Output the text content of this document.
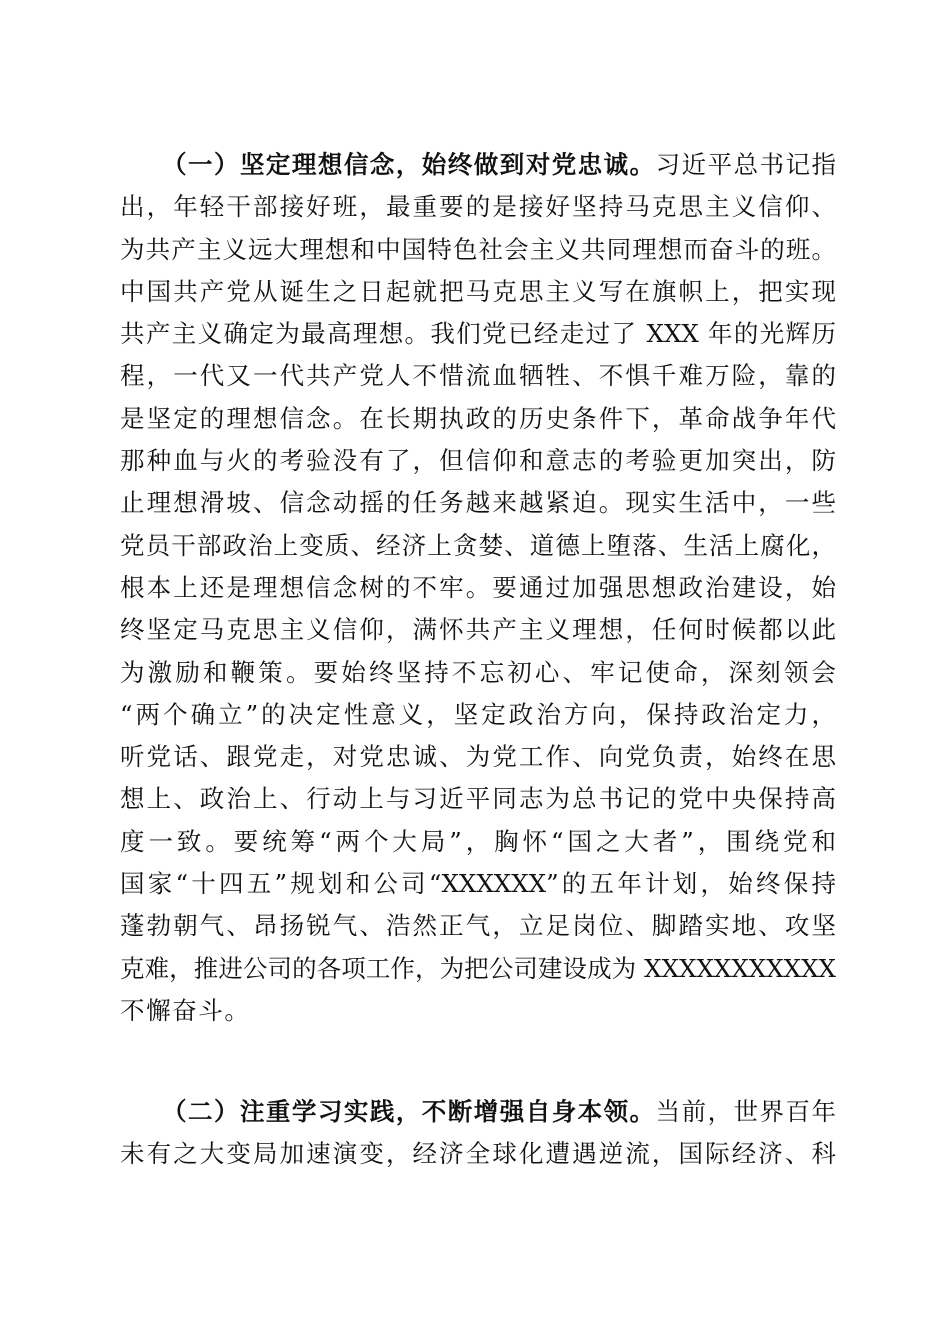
（一）坚定理想信念，始终做到对党忠诚。习近平总书记指
出，年轻干部接好班，最重要的是接好坚持马克思主义信仰、
为共产主义远大理想和中国特色社会主义共同理想而奋斗的班。
中国共产党从诞生之日起就把马克思主义写在旗帜上，把实现
共产主义确定为最高理想。我们党已经走过了 XXX 年的光辉历
程，一代又一代共产党人不惜流血牺牲、不惧千难万险，靠的
是坚定的理想信念。在长期执政的历史条件下，革命战争年代
那种血与火的考验没有了，但信仰和意志的考验更加突出，防
止理想滑坡、信念动摇的任务越来越紧迫。现实生活中，一些
党员干部政治上变质、经济上贪婪、道德上堕落、生活上腐化，
根本上还是理想信念树的不牢。要通过加强思想政治建设，始
终坚定马克思主义信仰，满怀共产主义理想，任何时候都以此
为激励和鞭策。要始终坚持不忘初心、牢记使命，深刻领会
“两个确立”的决定性意义，坚定政治方向，保持政治定力，
听党话、跟党走，对党忠诚、为党工作、向党负责，始终在思
想上、政治上、行动上与习近平同志为总书记的党中央保持高
度一致。要统筹“两个大局”，胸怀“国之大者”，围绕党和
国家“十四五”规划和公司“XXXXXX”的五年计划，始终保持
蓬勃朝气、昂扬锐气、浩然正气，立足岗位、脚踏实地、攻坚
克难，推进公司的各项工作，为把公司建设成为 XXXXXXXXXXX
不懈奋斗。
（二）注重学习实践，不断增强自身本领。当前，世界百年
未有之大变局加速演变，经济全球化遭遇逆流，国际经济、科
